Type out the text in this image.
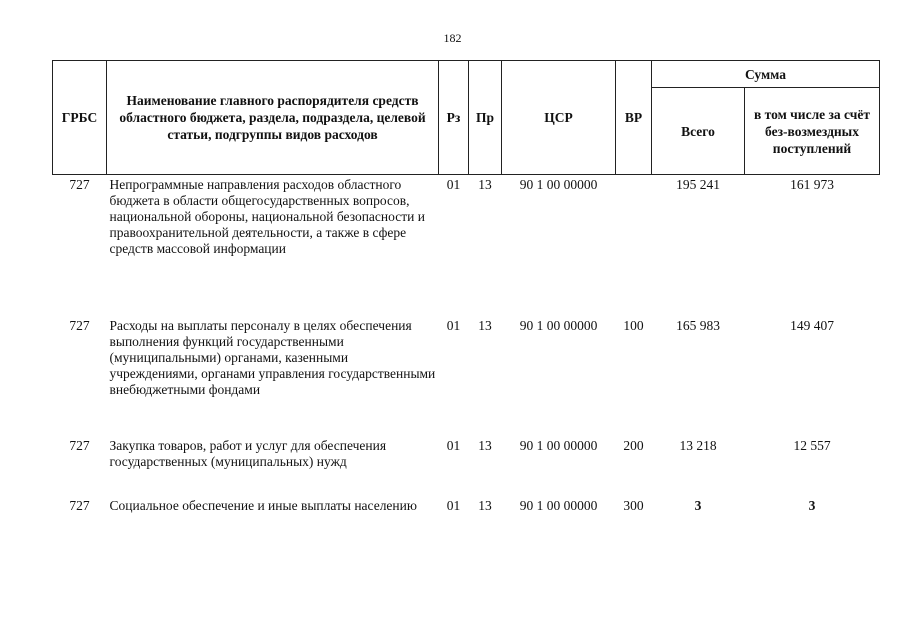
182
ГРБС	Наименование главного распорядителя средств областного бюджета, раздела, подраздела, целевой статьи, подгруппы видов расходов	Рз	Пр	ЦСР	ВР	Сумма	
						Всего	в том числе за счёт без-возмездных поступлений
727	Непрограммные направления расходов областного бюджета в области общегосударственных вопросов, национальной обороны, национальной безопасности и правоохранительной деятельности, а также в сфере средств массовой информации	01	13	90 1 00 00000		195 241	161 973
727	Расходы на выплаты персоналу в целях обеспечения выполнения функций государственными (муниципальными) органами, казенными учреждениями, органами управления государственными внебюджетными фондами	01	13	90 1 00 00000	100	165 983	149 407
727	Закупка товаров, работ и услуг для обеспечения государственных (муниципальных) нужд	01	13	90 1 00 00000	200	13 218	12 557
727	Социальное обеспечение и иные выплаты населению	01	13	90 1 00 00000	300	3	3
